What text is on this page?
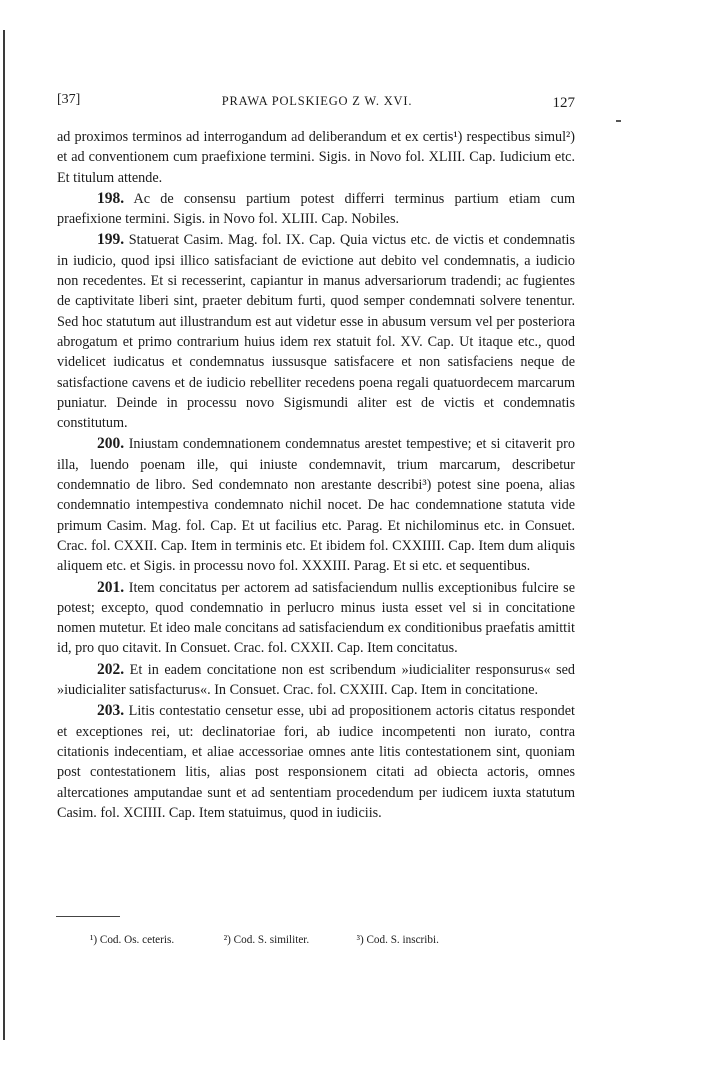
[37]	PRAWA POLSKIEGO Z W. XVI.	127

ad proximos terminos ad interrogandum ad deliberandum et ex certis¹) respectibus simul²) et ad conventionem cum praefixione termini. Sigis. in Novo fol. XLIII. Cap. Iudicium etc. Et titulum attende.

198. Ac de consensu partium potest differri terminus partium etiam cum praefixione termini. Sigis. in Novo fol. XLIII. Cap. Nobiles.

199. Statuerat Casim. Mag. fol. IX. Cap. Quia victus etc. de victis et condemnatis in iudicio, quod ipsi illico satisfaciant de evictione aut debito vel condemnatis, a iudicio non recedentes. Et si recesserint, capiantur in manus adversariorum tradendi; ac fugientes de captivitate liberi sint, praeter debitum furti, quod semper condemnati solvere tenentur. Sed hoc statutum aut illustrandum est aut videtur esse in abusum versum vel per posteriora abrogatum et primo contrarium huius idem rex statuit fol. XV. Cap. Ut itaque etc., quod videlicet iudicatus et condemnatus iussusque satisfacere et non satisfaciens neque de satisfactione cavens et de iudicio rebelliter recedens poena regali quatuordecem marcarum puniatur. Deinde in processu novo Sigismundi aliter est de victis et condemnatis constitutum.

200. Iniustam condemnationem condemnatus arestet tempestive; et si citaverit pro illa, luendo poenam ille, qui iniuste condemnavit, trium marcarum, describetur condemnatio de libro. Sed condemnato non arestante describi³) potest sine poena, alias condemnatio intempestiva condemnato nichil nocet. De hac condemnatione statuta vide primum Casim. Mag. fol. Cap. Et ut facilius etc. Parag. Et nichilominus etc. in Consuet. Crac. fol. CXXII. Cap. Item in terminis etc. Et ibidem fol. CXXIIII. Cap. Item dum aliquis aliquem etc. et Sigis. in processu novo fol. XXXIII. Parag. Et si etc. et sequentibus.

201. Item concitatus per actorem ad satisfaciendum nullis exceptionibus fulcire se potest; excepto, quod condemnatio in perlucro minus iusta esset vel si in concitatione nomen mutetur. Et ideo male concitans ad satisfaciendum ex conditionibus praefatis amittit id, pro quo citavit. In Consuet. Crac. fol. CXXII. Cap. Item concitatus.

202. Et in eadem concitatione non est scribendum »iudicialiter responsurus« sed »iudicialiter satisfacturus«. In Consuet. Crac. fol. CXXIII. Cap. Item in concitatione.

203. Litis contestatio censetur esse, ubi ad propositionem actoris citatus respondet et exceptiones rei, ut: declinatoriae fori, ab iudice incompetenti non iurato, contra citationis indecentiam, et aliae accessoriae omnes ante litis contestationem sint, quoniam post contestationem litis, alias post responsionem citati ad obiecta actoris, omnes altercationes amputandae sunt et ad sententiam procedendum per iudicem iuxta statutum Casim. fol. XCIIII. Cap. Item statuimus, quod in iudiciis.

¹) Cod. Os. ceteris.	²) Cod. S. similiter.	³) Cod. S. inscribi.
